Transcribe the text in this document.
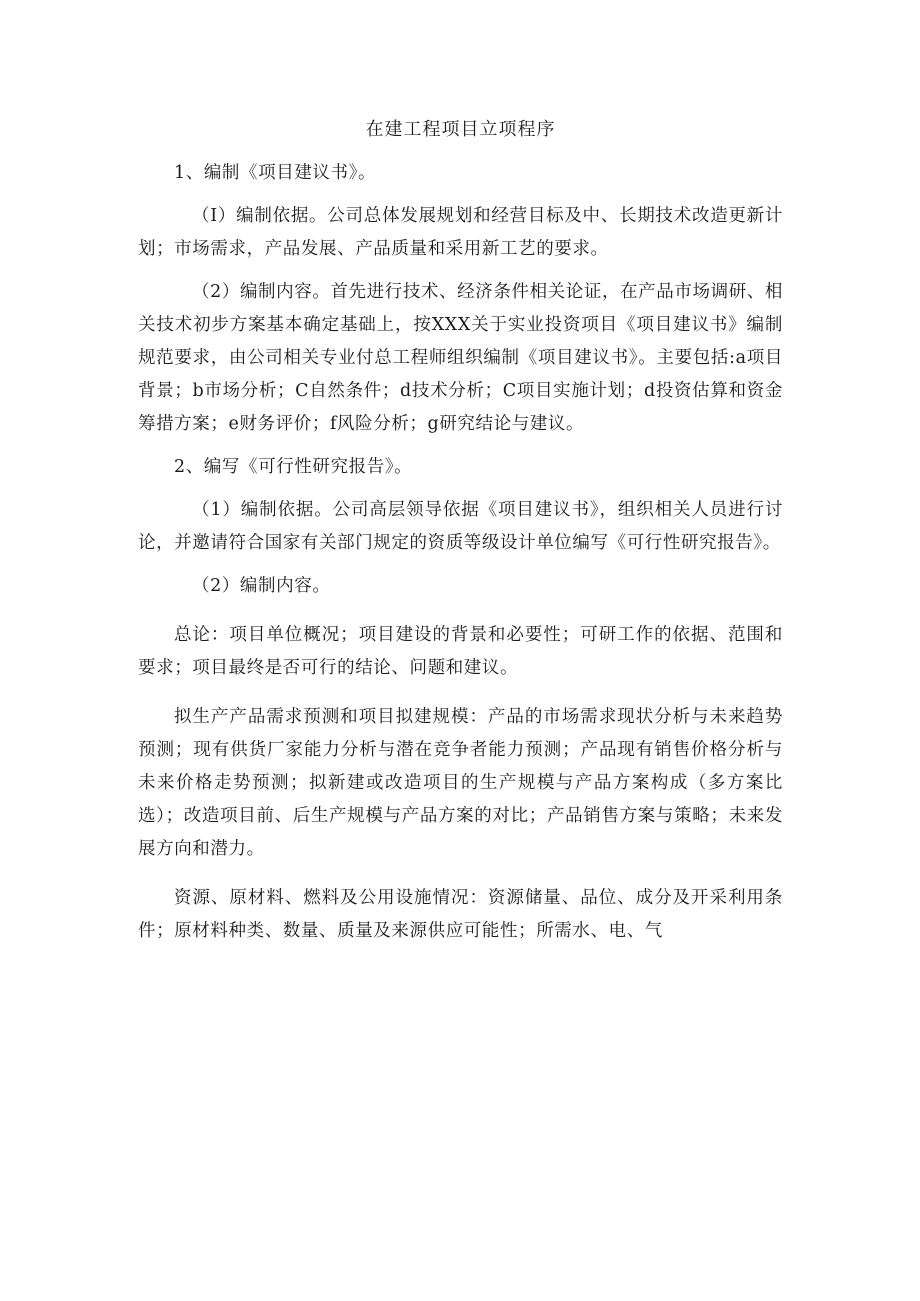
在建工程项目立项程序

1、编制《项目建议书》。

（I）编制依据。公司总体发展规划和经营目标及中、长期技术改造更新计划；市场需求，产品发展、产品质量和采用新工艺的要求。

（2）编制内容。首先进行技术、经济条件相关论证，在产品市场调研、相关技术初步方案基本确定基础上，按XXX关于实业投资项目《项目建议书》编制规范要求，由公司相关专业付总工程师组织编制《项目建议书》。主要包括:a项目背景；b市场分析；C自然条件；d技术分析；C项目实施计划；d投资估算和资金筹措方案；e财务评价；f风险分析；g研究结论与建议。

2、编写《可行性研究报告》。

（1）编制依据。公司高层领导依据《项目建议书》，组织相关人员进行讨论，并邀请符合国家有关部门规定的资质等级设计单位编写《可行性研究报告》。

（2）编制内容。

总论：项目单位概况；项目建设的背景和必要性；可研工作的依据、范围和要求；项目最终是否可行的结论、问题和建议。

拟生产产品需求预测和项目拟建规模：产品的市场需求现状分析与未来趋势预测；现有供货厂家能力分析与潜在竞争者能力预测；产品现有销售价格分析与未来价格走势预测；拟新建或改造项目的生产规模与产品方案构成（多方案比选）；改造项目前、后生产规模与产品方案的对比；产品销售方案与策略；未来发展方向和潜力。

资源、原材料、燃料及公用设施情况：资源储量、品位、成分及开采利用条件；原材料种类、数量、质量及来源供应可能性；所需水、电、气
